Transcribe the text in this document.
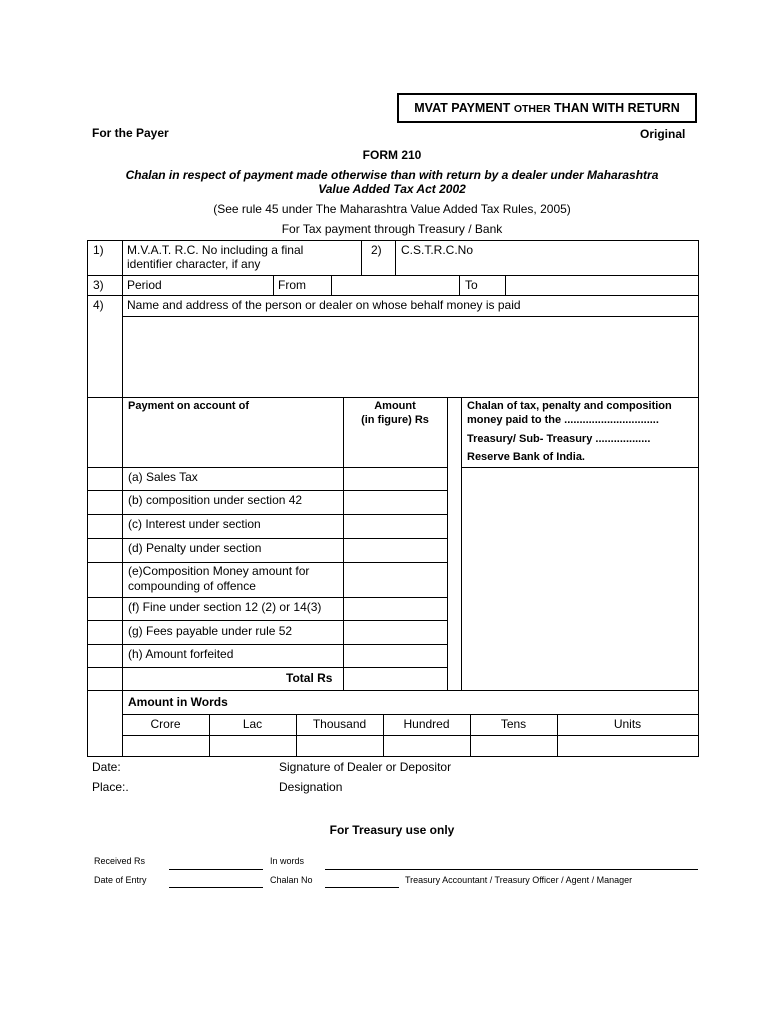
MVAT PAYMENT OTHER THAN WITH RETURN
For the Payer	Original
FORM 210
Chalan in respect of payment made otherwise than with return by a dealer under Maharashtra
Value Added Tax Act 2002
(See rule 45 under The Maharashtra Value Added Tax Rules, 2005)
For Tax payment through Treasury / Bank
1) M.V.A.T. R.C. No including a final
identifier character, if any
2) C.S.T.R.C.No
3) Period	From	To
4) Name and address of the person or dealer on whose behalf money is paid
Payment on account of	Amount
(in figure) Rs
Chalan of tax, penalty and composition
money paid to the ...............................
Treasury/ Sub- Treasury ..................
Reserve Bank of India.
(a) Sales Tax
(b) composition under section 42
(c) Interest under section
(d) Penalty under section
(e)Composition Money amount for
compounding of offence
(f) Fine under section 12 (2) or 14(3)
(g) Fees payable under rule 52
(h) Amount forfeited
Total Rs
Amount in Words
Crore	Lac	Thousand	Hundred	Tens	Units
Date:
Place:.
Signature of Dealer or Depositor
Designation
For Treasury use only
Received Rs	In words
Date of Entry	Chalan No	Treasury Accountant / Treasury Officer / Agent / Manager
